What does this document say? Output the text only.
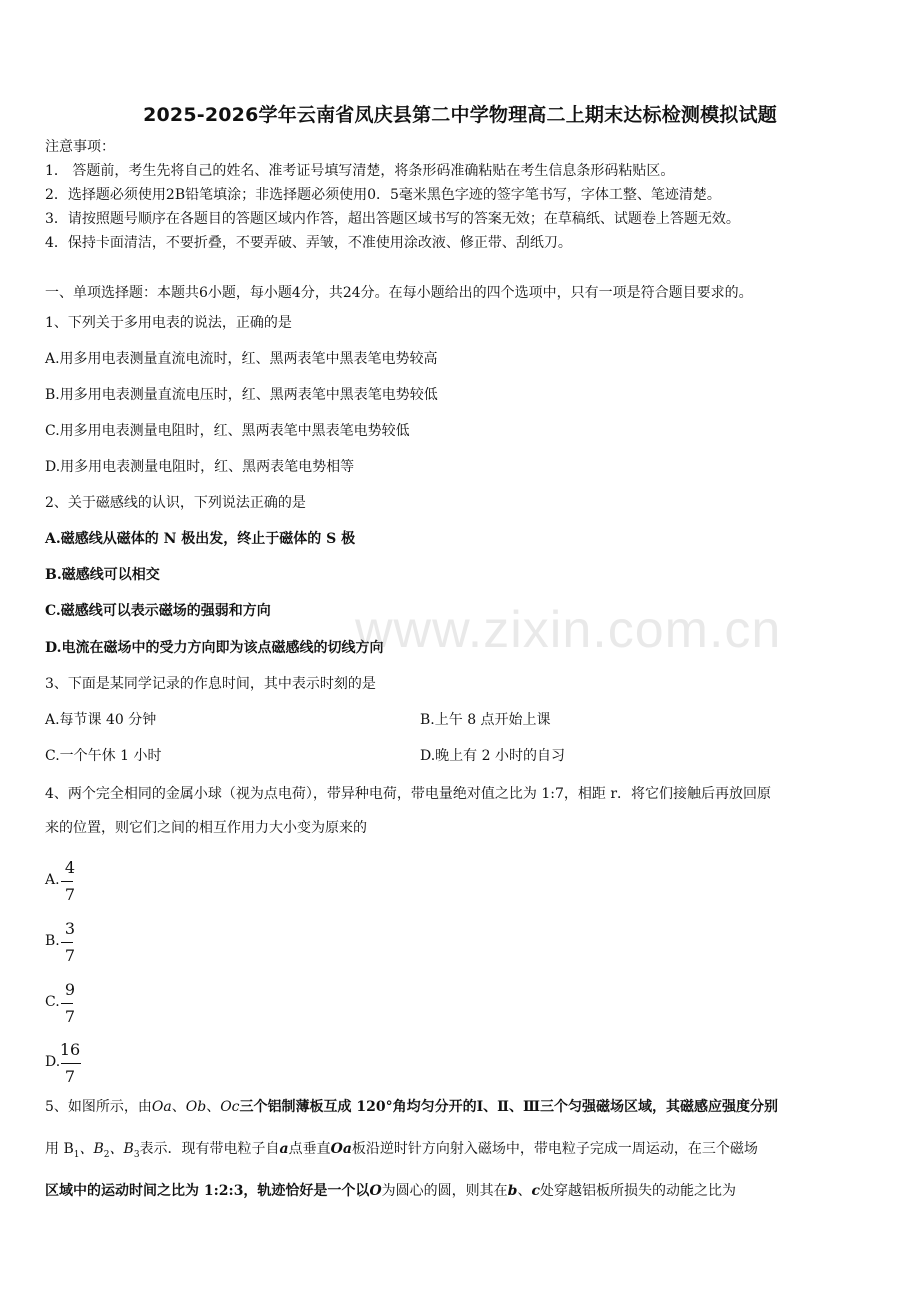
2025-2026学年云南省凤庆县第二中学物理高二上期末达标检测模拟试题
注意事项：
1． 答题前，考生先将自己的姓名、准考证号填写清楚，将条形码准确粘贴在考生信息条形码粘贴区。
2．选择题必须使用2B铅笔填涂；非选择题必须使用0．5毫米黑色字迹的签字笔书写，字体工整、笔迹清楚。
3．请按照题号顺序在各题目的答题区域内作答，超出答题区域书写的答案无效；在草稿纸、试题卷上答题无效。
4．保持卡面清洁，不要折叠，不要弄破、弄皱，不准使用涂改液、修正带、刮纸刀。
一、单项选择题：本题共6小题，每小题4分，共24分。在每小题给出的四个选项中，只有一项是符合题目要求的。
1、下列关于多用电表的说法，正确的是
A.用多用电表测量直流电流时，红、黑两表笔中黑表笔电势较高
B.用多用电表测量直流电压时，红、黑两表笔中黑表笔电势较低
C.用多用电表测量电阻时，红、黑两表笔中黑表笔电势较低
D.用多用电表测量电阻时，红、黑两表笔电势相等
2、关于磁感线的认识，下列说法正确的是
A.磁感线从磁体的 N 极出发，终止于磁体的 S 极
B.磁感线可以相交
C.磁感线可以表示磁场的强弱和方向
D.电流在磁场中的受力方向即为该点磁感线的切线方向
www.zixin.com.cn
3、下面是某同学记录的作息时间，其中表示时刻的是
A.每节课 40 分钟	B.上午 8 点开始上课
C.一个午休 1 小时	D.晚上有 2 小时的自习
4、两个完全相同的金属小球（视为点电荷），带异种电荷，带电量绝对值之比为 1:7，相距 r．将它们接触后再放回原
来的位置，则它们之间的相互作用力大小变为原来的
A.
4
7
B.
3
7
C.
9
7
D.
16
7
5、如图所示，由Oa、Ob、Oc三个铝制薄板互成 120°角均匀分开的Ⅰ、Ⅱ、Ⅲ三个匀强磁场区域，其磁感应强度分别
用 $B_1$、$B_2$、$B_3$表示．现有带电粒子自a点垂直Oa板沿逆时针方向射入磁场中，带电粒子完成一周运动，在三个磁场
区域中的运动时间之比为 1:2:3，轨迹恰好是一个以O为圆心的圆，则其在b、c处穿越铝板所损失的动能之比为
